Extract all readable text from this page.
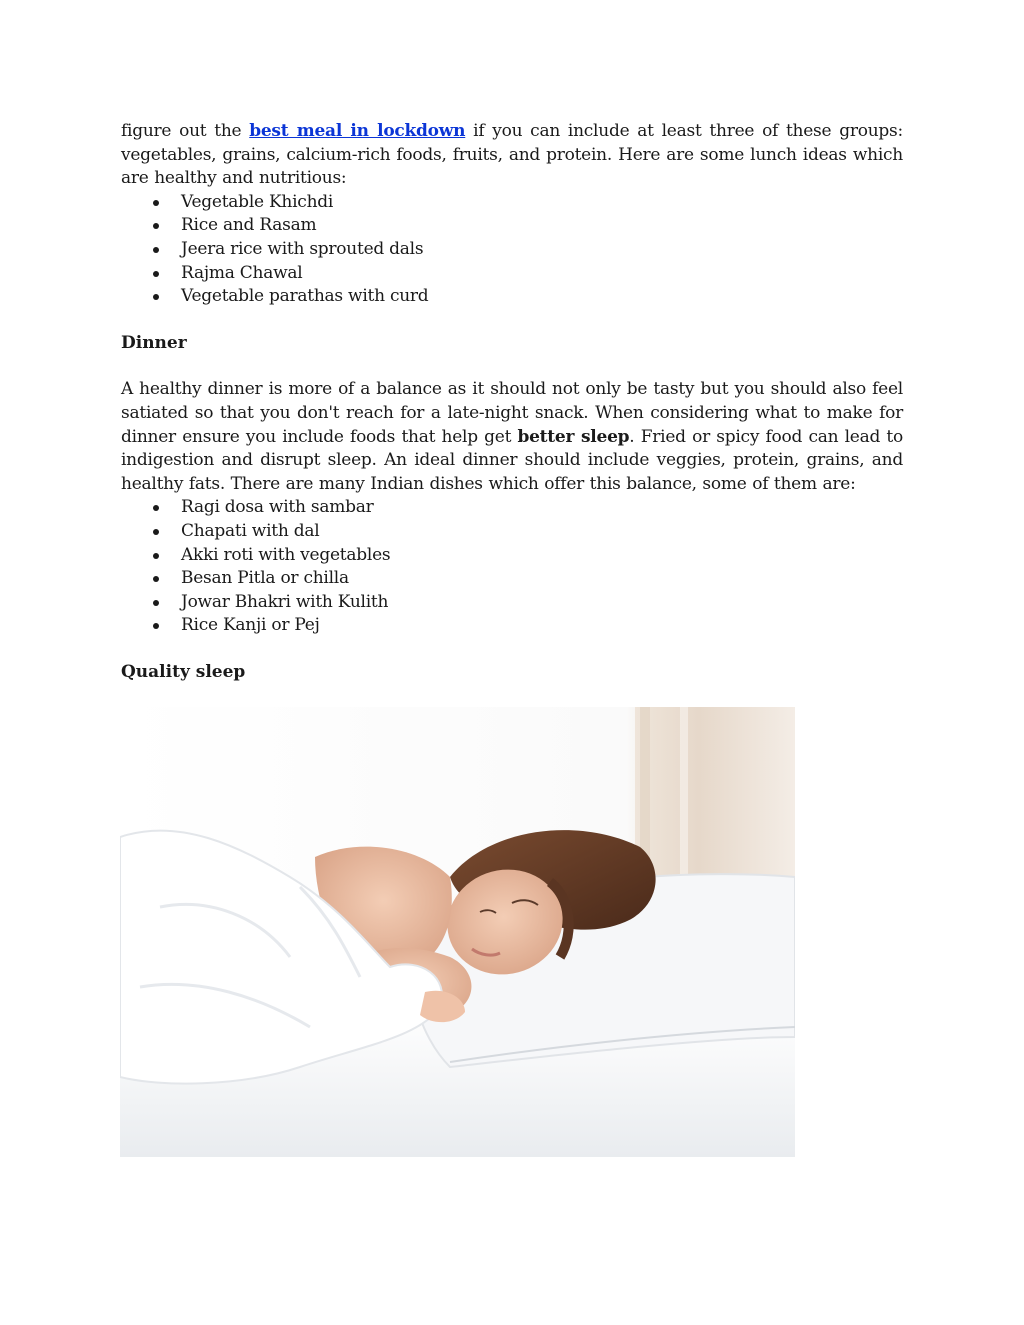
figure out the best meal in lockdown if you can include at least three of these groups: vegetables, grains, calcium-rich foods, fruits, and protein. Here are some lunch ideas which are healthy and nutritious:

Vegetable Khichdi
Rice and Rasam
Jeera rice with sprouted dals
Rajma Chawal
Vegetable parathas with curd
Dinner

A healthy dinner is more of a balance as it should not only be tasty but you should also feel satiated so that you don't reach for a late-night snack. When considering what to make for dinner ensure you include foods that help get better sleep. Fried or spicy food can lead to indigestion and disrupt sleep. An ideal dinner should include veggies, protein, grains, and healthy fats. There are many Indian dishes which offer this balance, some of them are:

Ragi dosa with sambar
Chapati with dal
Akki roti with vegetables
Besan Pitla or chilla
Jowar Bhakri with Kulith
Rice Kanji or Pej
Quality sleep
